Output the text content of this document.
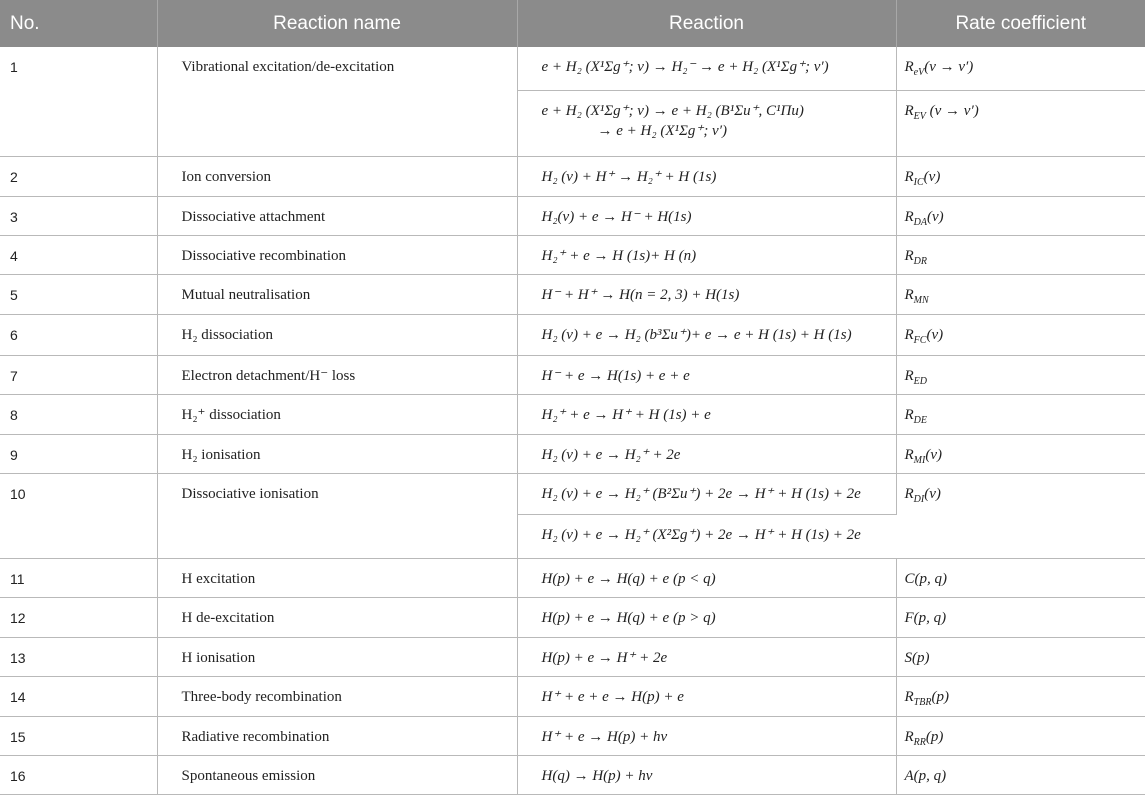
No.	Reaction name	Reaction	Rate coefficient
1	Vibrational excitation/de-excitation	e + H₂ (X¹Σg⁺; ν) → H₂⁻ → e + H₂ (X¹Σg⁺; ν′)	$R_{eV}(\nu \to \nu')$

		e + H₂ (X¹Σg⁺; ν) → e + H₂ (B¹Σu⁺, C¹Πu)
→ e + H₂ (X¹Σg⁺; ν′)	$R_{EV}$ (ν → ν′)
2	Ion conversion	H₂ (ν) + H⁺ → H₂⁺ + H (1s)	$R_{IC}(\nu)$
3	Dissociative attachment	H₂(ν) + e → H⁻ + H(1s)	$R_{DA}(\nu)$
4	Dissociative recombination	H₂⁺ + e → H (1s)+ H (n)	$R_{DR}$
5	Mutual neutralisation	H⁻ + H⁺ → H(n = 2, 3) + H(1s)	$R_{MN}$
6	H₂ dissociation	H₂ (ν) + e → H₂ (b³Σu⁺)+ e → e + H (1s) + H (1s)	$R_{FC}(\nu)$
7	Electron detachment/H⁻ loss	H⁻ + e → H(1s) + e + e	$R_{ED}$
8	H₂⁺ dissociation	H₂⁺ + e → H⁺ + H (1s) + e	$R_{DE}$
9	H₂ ionisation	H₂ (ν) + e → H₂⁺ + 2e	$R_{MI}(\nu)$
10	Dissociative ionisation	H₂ (ν) + e → H₂⁺ (B²Σu⁺) + 2e → H⁺ + H (1s) + 2e	$R_{DI}(\nu)$
		H₂ (ν) + e → H₂⁺ (X²Σg⁺) + 2e → H⁺ + H (1s) + 2e	
11	H excitation	H(p) + e → H(q) + e (p < q)	C(p, q)
12	H de-excitation	H(p) + e → H(q) + e (p > q)	F(p, q)
13	H ionisation	H(p) + e → H⁺ + 2e	S(p)
14	Three-body recombination	H⁺ + e + e → H(p) + e	$R_{TBR}(p)$
15	Radiative recombination	H⁺ + e → H(p) + hν	$R_{RR}(p)$
16	Spontaneous emission	H(q) → H(p) + hν	A(p, q)
